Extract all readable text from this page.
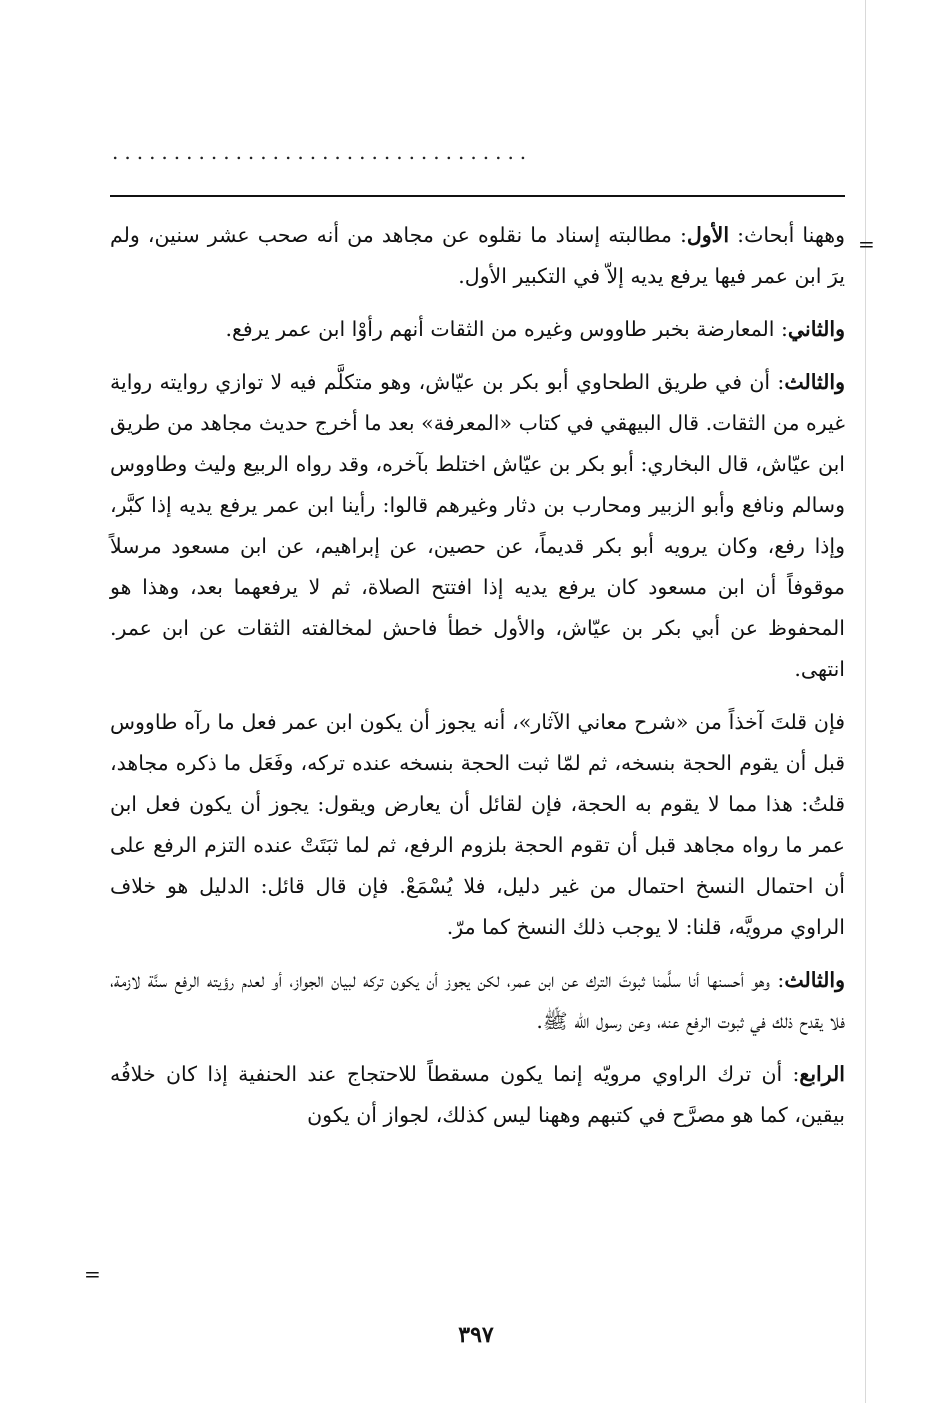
..................................
=

وههنا أبحاث: الأول: مطالبته إسناد ما نقلوه عن مجاهد من أنه صحب عشر سنين، ولم يرَ ابن عمر فيها يرفع يديه إلاّ في التكبير الأول.

والثاني: المعارضة بخبر طاووس وغيره من الثقات أنهم رأوْا ابن عمر يرفع.

والثالث: أن في طريق الطحاوي أبو بكر بن عيّاش، وهو متكلَّم فيه لا توازي روايته رواية غيره من الثقات. قال البيهقي في كتاب «المعرفة» بعد ما أخرج حديث مجاهد من طريق ابن عيّاش، قال البخاري: أبو بكر بن عيّاش اختلط بآخره، وقد رواه الربيع وليث وطاووس وسالم ونافع وأبو الزبير ومحارب بن دثار وغيرهم قالوا: رأينا ابن عمر يرفع يديه إذا كبَّر، وإذا رفع، وكان يرويه أبو بكر قديماً، عن حصين، عن إبراهيم، عن ابن مسعود مرسلاً موقوفاً أن ابن مسعود كان يرفع يديه إذا افتتح الصلاة، ثم لا يرفعهما بعد، وهذا هو المحفوظ عن أبي بكر بن عيّاش، والأول خطأ فاحش لمخالفته الثقات عن ابن عمر. انتهى.

فإن قلتَ آخذاً من «شرح معاني الآثار»، أنه يجوز أن يكون ابن عمر فعل ما رآه طاووس قبل أن يقوم الحجة بنسخه، ثم لمّا ثبت الحجة بنسخه عنده تركه، وفَعَل ما ذكره مجاهد، قلتُ: هذا مما لا يقوم به الحجة، فإن لقائل أن يعارض ويقول: يجوز أن يكون فعل ابن عمر ما رواه مجاهد قبل أن تقوم الحجة بلزوم الرفع، ثم لما ثبَتَتْ عنده التزم الرفع على أن احتمال النسخ احتمال من غير دليل، فلا يُسْمَعْ. فإن قال قائل: الدليل هو خلاف الراوي مرويَّه، قلنا: لا يوجب ذلك النسخ كما مرّ.

والثالث: وهو أحسنها أنا سلَّمنا ثبوتَ الترك عن ابن عمر، لكن يجوز أن يكون تركه لبيان الجواز، أو لعدم رؤيته الرفع سنَّة لازمة، فلا يقدح ذلك في ثبوت الرفع عنه، وعن رسول الله ﷺ.

الرابع: أن ترك الراوي مرويّه إنما يكون مسقطاً للاحتجاج عند الحنفية إذا كان خلافُه بيقين، كما هو مصرَّح في كتبهم وههنا ليس كذلك، لجواز أن يكون

=
٣٩٧
